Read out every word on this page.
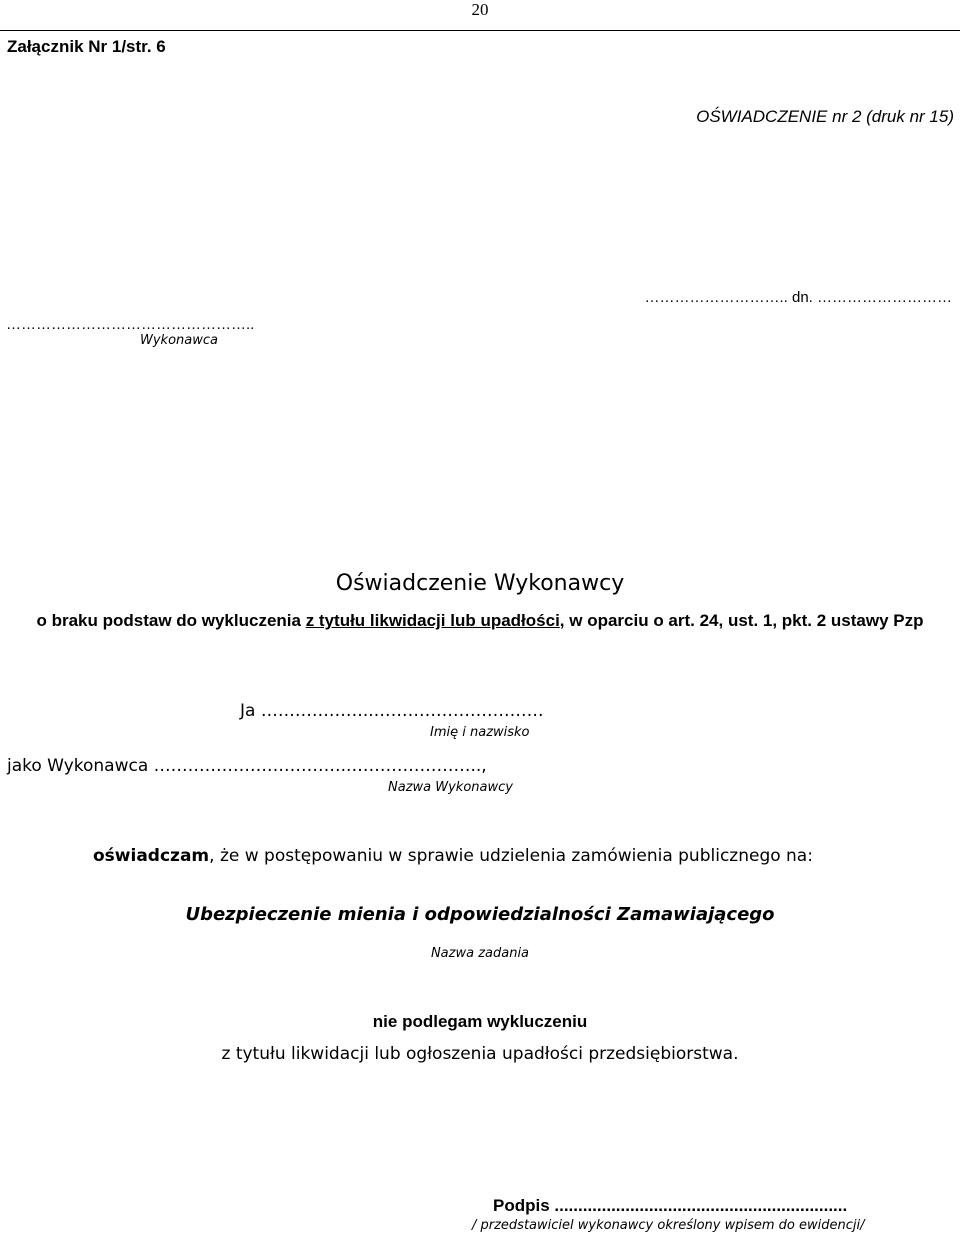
20
Załącznik Nr 1/str. 6
OŚWIADCZENIE nr 2 (druk nr 15)
…………………………………………..
Wykonawca
……………………….. dn. ………………………
Oświadczenie Wykonawcy
o braku podstaw do wykluczenia z tytułu likwidacji lub upadłości, w oparciu o art. 24, ust. 1, pkt. 2 ustawy Pzp
Ja ………………..…………………………
Imię i nazwisko
jako Wykonawca ……………………………..…………………..,
Nazwa Wykonawcy
oświadczam, że w postępowaniu w sprawie udzielenia zamówienia publicznego na:
Ubezpieczenie mienia i odpowiedzialności Zamawiającego
Nazwa zadania
nie podlegam wykluczeniu
z tytułu likwidacji lub ogłoszenia upadłości przedsiębiorstwa.
Podpis ..............................................................
/ przedstawiciel wykonawcy określony wpisem do ewidencji/
